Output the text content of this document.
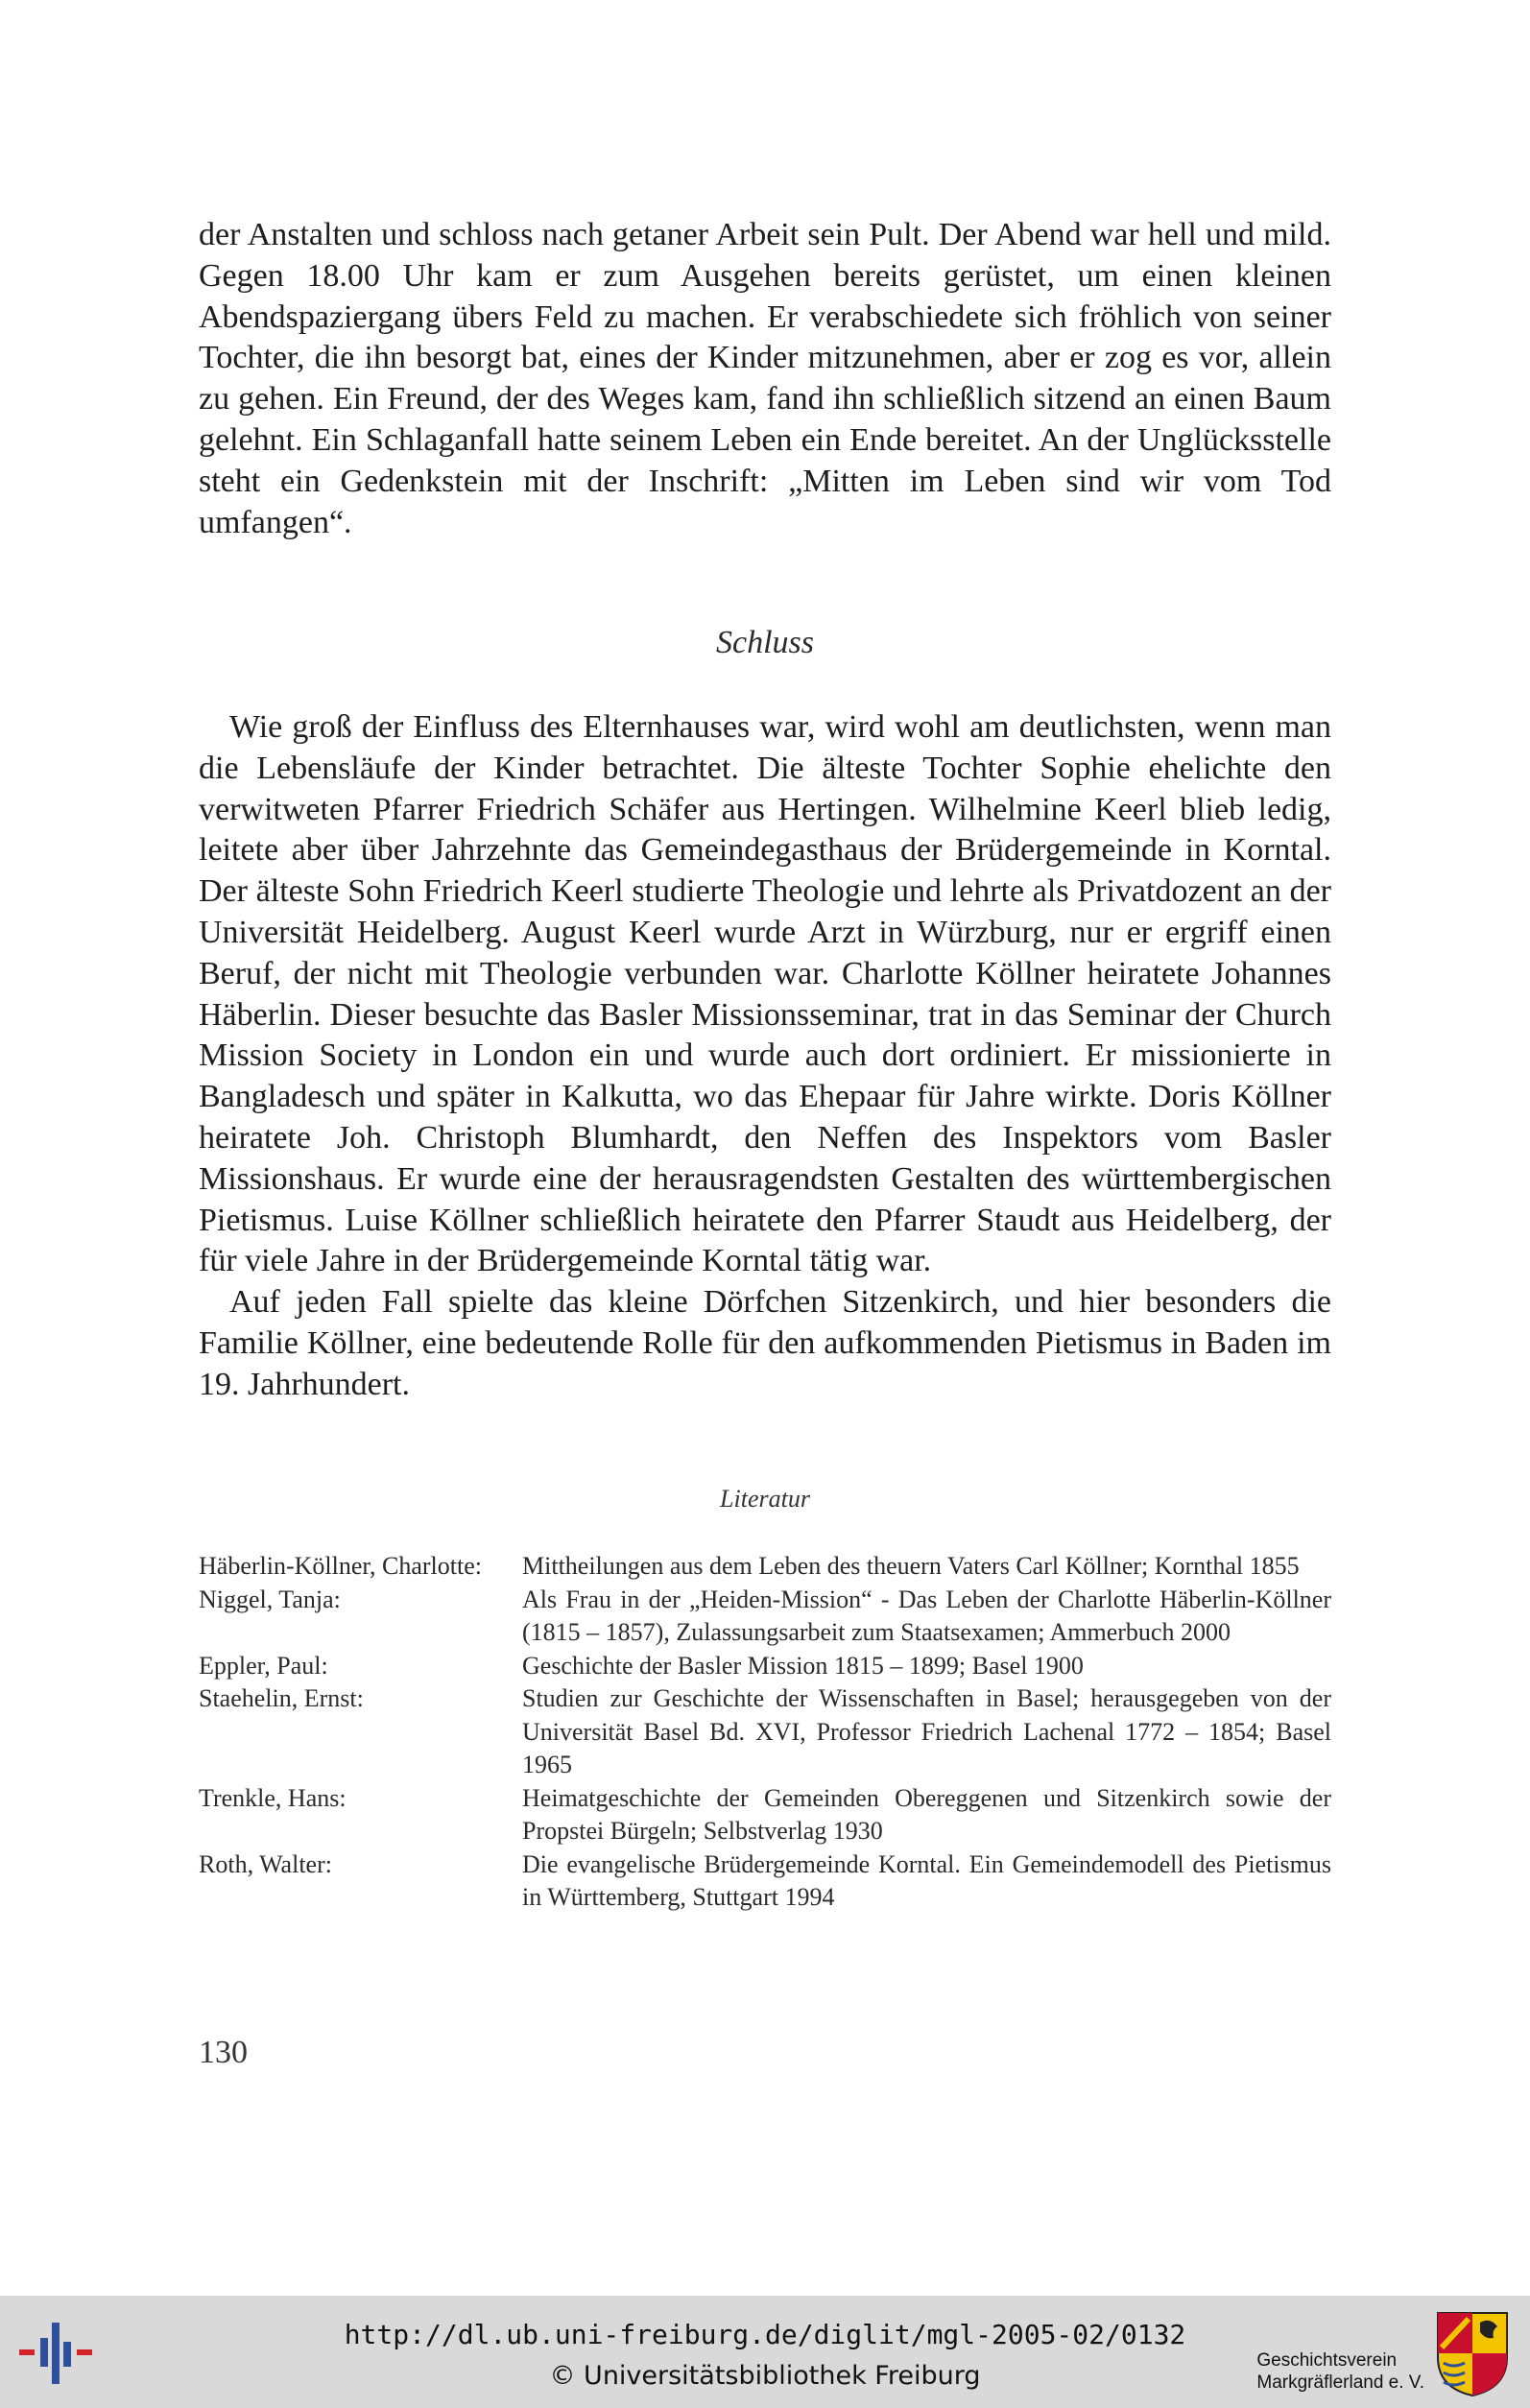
der Anstalten und schloss nach getaner Arbeit sein Pult. Der Abend war hell und mild. Gegen 18.00 Uhr kam er zum Ausgehen bereits gerüstet, um einen kleinen Abendspaziergang übers Feld zu machen. Er verabschiedete sich fröhlich von seiner Tochter, die ihn besorgt bat, eines der Kinder mitzunehmen, aber er zog es vor, allein zu gehen. Ein Freund, der des Weges kam, fand ihn schließlich sitzend an einen Baum gelehnt. Ein Schlaganfall hatte seinem Leben ein Ende bereitet. An der Unglücksstelle steht ein Gedenkstein mit der Inschrift: „Mitten im Leben sind wir vom Tod umfangen“.

Schluss

Wie groß der Einfluss des Elternhauses war, wird wohl am deutlichsten, wenn man die Lebensläufe der Kinder betrachtet. Die älteste Tochter Sophie ehelichte den verwitweten Pfarrer Friedrich Schäfer aus Hertingen. Wilhelmine Keerl blieb ledig, leitete aber über Jahrzehnte das Gemeindegasthaus der Brüdergemeinde in Korntal. Der älteste Sohn Friedrich Keerl studierte Theologie und lehrte als Privatdozent an der Universität Heidelberg. August Keerl wurde Arzt in Würzburg, nur er ergriff einen Beruf, der nicht mit Theologie verbunden war. Charlotte Köllner heiratete Johannes Häberlin. Dieser besuchte das Basler Missionsseminar, trat in das Seminar der Church Mission Society in London ein und wurde auch dort ordiniert. Er missionierte in Bangladesch und später in Kalkutta, wo das Ehepaar für Jahre wirkte. Doris Köllner heiratete Joh. Christoph Blumhardt, den Neffen des Inspektors vom Basler Missionshaus. Er wurde eine der herausragendsten Gestalten des württembergischen Pietismus. Luise Köllner schließlich heiratete den Pfarrer Staudt aus Heidelberg, der für viele Jahre in der Brüdergemeinde Korntal tätig war.

Auf jeden Fall spielte das kleine Dörfchen Sitzenkirch, und hier besonders die Familie Köllner, eine bedeutende Rolle für den aufkommenden Pietismus in Baden im 19. Jahrhundert.

Literatur
Häberlin-Köllner, Charlotte:	Mittheilungen aus dem Leben des theuern Vaters Carl Köllner; Kornthal 1855
Niggel, Tanja:	Als Frau in der „Heiden-Mission“ - Das Leben der Charlotte Häberlin-Köllner (1815 – 1857), Zulassungsarbeit zum Staatsexamen; Ammerbuch 2000
Eppler, Paul:	Geschichte der Basler Mission 1815 – 1899; Basel 1900
Staehelin, Ernst:	Studien zur Geschichte der Wissenschaften in Basel; herausgegeben von der Universität Basel Bd. XVI, Professor Friedrich Lachenal 1772 – 1854; Basel 1965
Trenkle, Hans:	Heimatgeschichte der Gemeinden Obereggenen und Sitzenkirch sowie der Propstei Bürgeln; Selbstverlag 1930
Roth, Walter:	Die evangelische Brüdergemeinde Korntal. Ein Gemeindemodell des Pietismus in Württemberg, Stuttgart 1994
130
http://dl.ub.uni-freiburg.de/diglit/mgl-2005-02/0132
© Universitätsbibliothek Freiburg
Geschichtsverein
Markgräflerland e. V.
